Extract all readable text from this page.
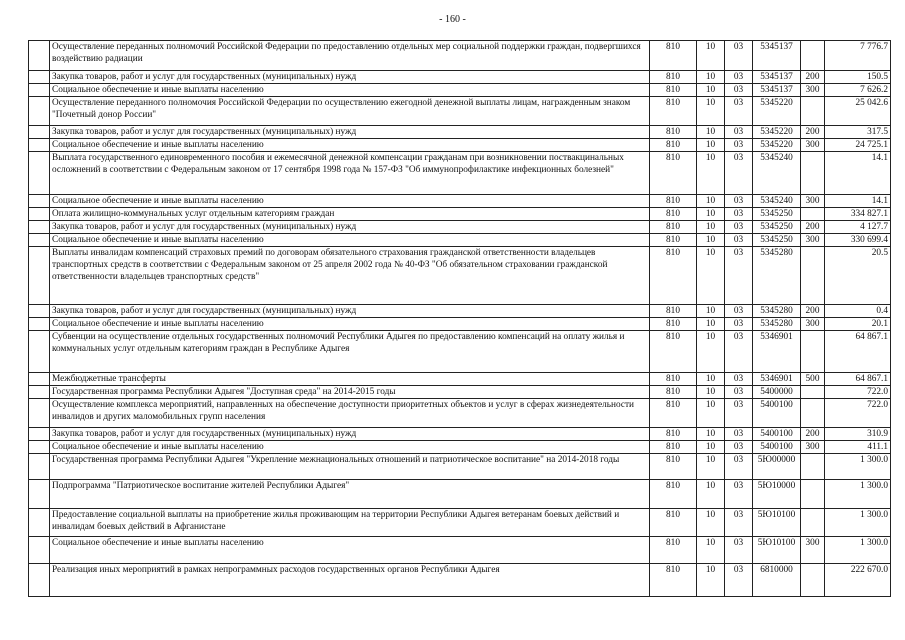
- 160 -
	Осуществление переданных полномочий Российской Федерации по предоставлению отдельных мер социальной поддержки граждан, подвергшихся воздействию радиации	810	10	03	5345137		7 776.7
	Закупка товаров, работ и услуг для государственных (муниципальных) нужд	810	10	03	5345137	200	150.5
	Социальное обеспечение и иные выплаты населению	810	10	03	5345137	300	7 626.2
	Осуществление переданного полномочия Российской Федерации по осуществлению ежегодной денежной выплаты лицам, награжденным знаком "Почетный донор России"	810	10	03	5345220		25 042.6
	Закупка товаров, работ и услуг для государственных (муниципальных) нужд	810	10	03	5345220	200	317.5
	Социальное обеспечение и иные выплаты населению	810	10	03	5345220	300	24 725.1
	Выплата государственного единовременного пособия и ежемесячной денежной компенсации гражданам при возникновении поствакцинальных осложнений в соответствии с Федеральным законом от 17 сентября 1998 года № 157-ФЗ "Об иммунопрофилактике инфекционных болезней"	810	10	03	5345240		14.1
	Социальное обеспечение и иные выплаты населению	810	10	03	5345240	300	14.1
	Оплата жилищно-коммунальных услуг отдельным категориям граждан	810	10	03	5345250		334 827.1
	Закупка товаров, работ и услуг для государственных (муниципальных) нужд	810	10	03	5345250	200	4 127.7
	Социальное обеспечение и иные выплаты населению	810	10	03	5345250	300	330 699.4
	Выплаты инвалидам компенсаций страховых премий по договорам обязательного страхования гражданской ответственности владельцев транспортных средств в соответствии с Федеральным законом от 25 апреля 2002 года № 40-ФЗ "Об обязательном страховании гражданской ответственности владельцев транспортных средств"	810	10	03	5345280		20.5
	Закупка товаров, работ и услуг для государственных (муниципальных) нужд	810	10	03	5345280	200	0.4
	Социальное обеспечение и иные выплаты населению	810	10	03	5345280	300	20.1
	Субвенции на осуществление отдельных государственных полномочий Республики Адыгея по предоставлению компенсаций на оплату жилья и коммунальных услуг отдельным категориям граждан в Республике Адыгея	810	10	03	5346901		64 867.1
	Межбюджетные трансферты	810	10	03	5346901	500	64 867.1
	Государственная программа Республики Адыгея "Доступная среда" на 2014-2015 годы	810	10	03	5400000		722.0
	Осуществление комплекса мероприятий, направленных на обеспечение доступности приоритетных объектов и услуг в сферах жизнедеятельности инвалидов и других маломобильных групп населения	810	10	03	5400100		722.0
	Закупка товаров, работ и услуг для государственных (муниципальных) нужд	810	10	03	5400100	200	310.9
	Социальное обеспечение и иные выплаты населению	810	10	03	5400100	300	411.1
	Государственная программа Республики Адыгея "Укрепление межнациональных отношений и патриотическое воспитание" на 2014-2018 годы	810	10	03	5Ю00000		1 300.0
	Подпрограмма "Патриотическое воспитание жителей Республики Адыгея"	810	10	03	5Ю10000		1 300.0
	Предоставление социальной выплаты на приобретение жилья проживающим на территории Республики Адыгея ветеранам боевых действий и инвалидам боевых действий в Афганистане	810	10	03	5Ю10100		1 300.0
	Социальное обеспечение и иные выплаты населению	810	10	03	5Ю10100	300	1 300.0
	Реализация иных мероприятий в рамках непрограммных расходов государственных органов Республики Адыгея	810	10	03	6810000		222 670.0
